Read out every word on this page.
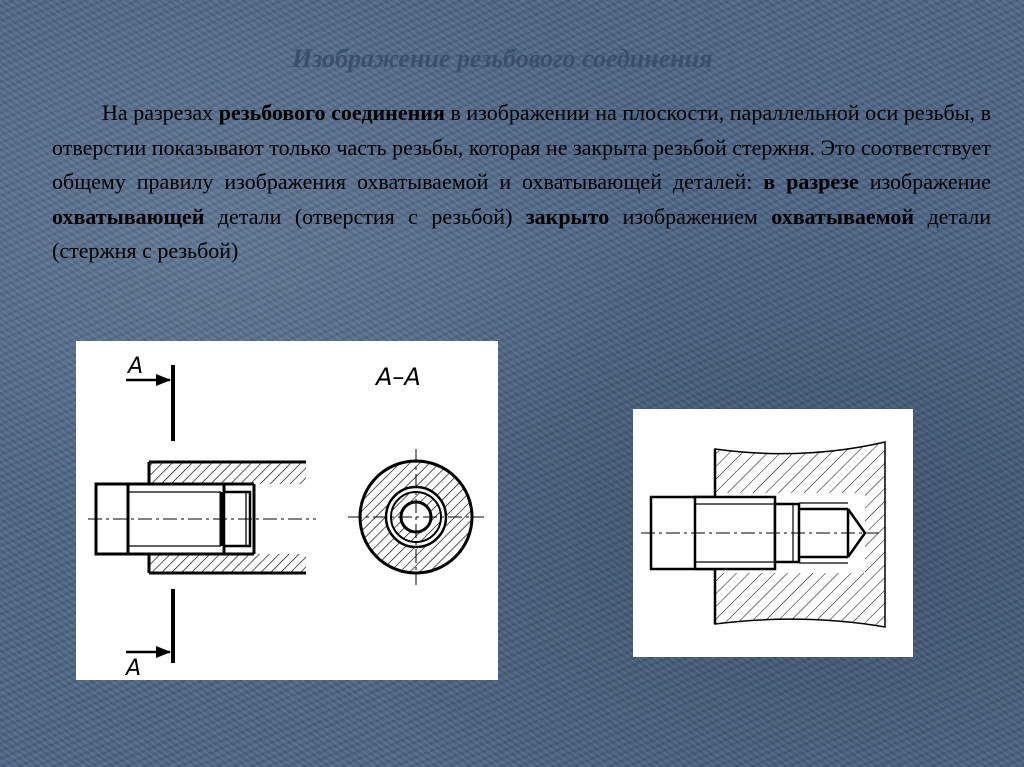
Изображение резьбового соединения

На разрезах резьбового соединения в изображении на плоскости, параллельной оси резьбы, в отверстии показывают только часть резьбы, которая не закрыта резьбой стержня. Это соответствует общему правилу изображения охватываемой и охватывающей деталей: в разрезе изображение охватывающей детали (отверстия с резьбой) закрыто изображением охватываемой детали (стержня с резьбой)

А
А
А–А
